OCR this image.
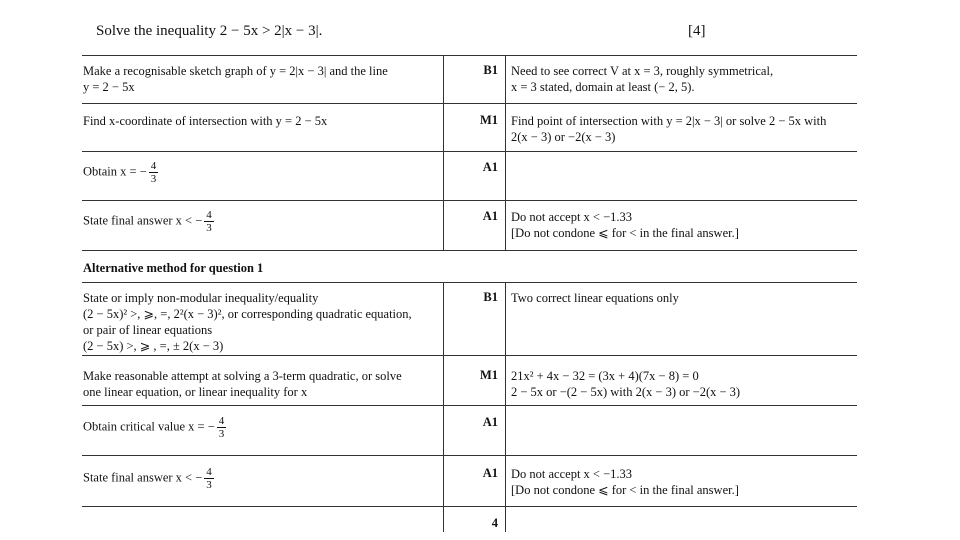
Solve the inequality 2 − 5x > 2|x − 3|.	[4]
Make a recognisable sketch graph of y = 2|x − 3| and the line
y = 2 − 5x
B1 Need to see correct V at x = 3, roughly symmetrical,
x = 3 stated, domain at least (− 2, 5).
Find x-coordinate of intersection with y = 2 − 5x	M1 Find point of intersection with y = 2|x − 3| or solve 2 − 5x with
2(x − 3) or −2(x − 3)
Obtain x = − $\frac{4}{3}$	A1
State final answer x < − $\frac{4}{3}$	A1 Do not accept x < −1.33
[Do not condone ⩽ for < in the final answer.]
Alternative method for question 1
State or imply non-modular inequality/equality
(2 − 5x)² >, ⩾, =, 2²(x − 3)², or corresponding quadratic equation,
or pair of linear equations
(2 − 5x) >, ⩾ , =, ± 2(x − 3)
B1 Two correct linear equations only
Make reasonable attempt at solving a 3-term quadratic, or solve
one linear equation, or linear inequality for x
M1 21x² + 4x − 32 = (3x + 4)(7x − 8) = 0
2 − 5x or −(2 − 5x) with 2(x − 3) or −2(x − 3)
Obtain critical value x = − $\frac{4}{3}$	A1
State final answer x < − $\frac{4}{3}$	A1 Do not accept x < −1.33
[Do not condone ⩽ for < in the final answer.]
4
